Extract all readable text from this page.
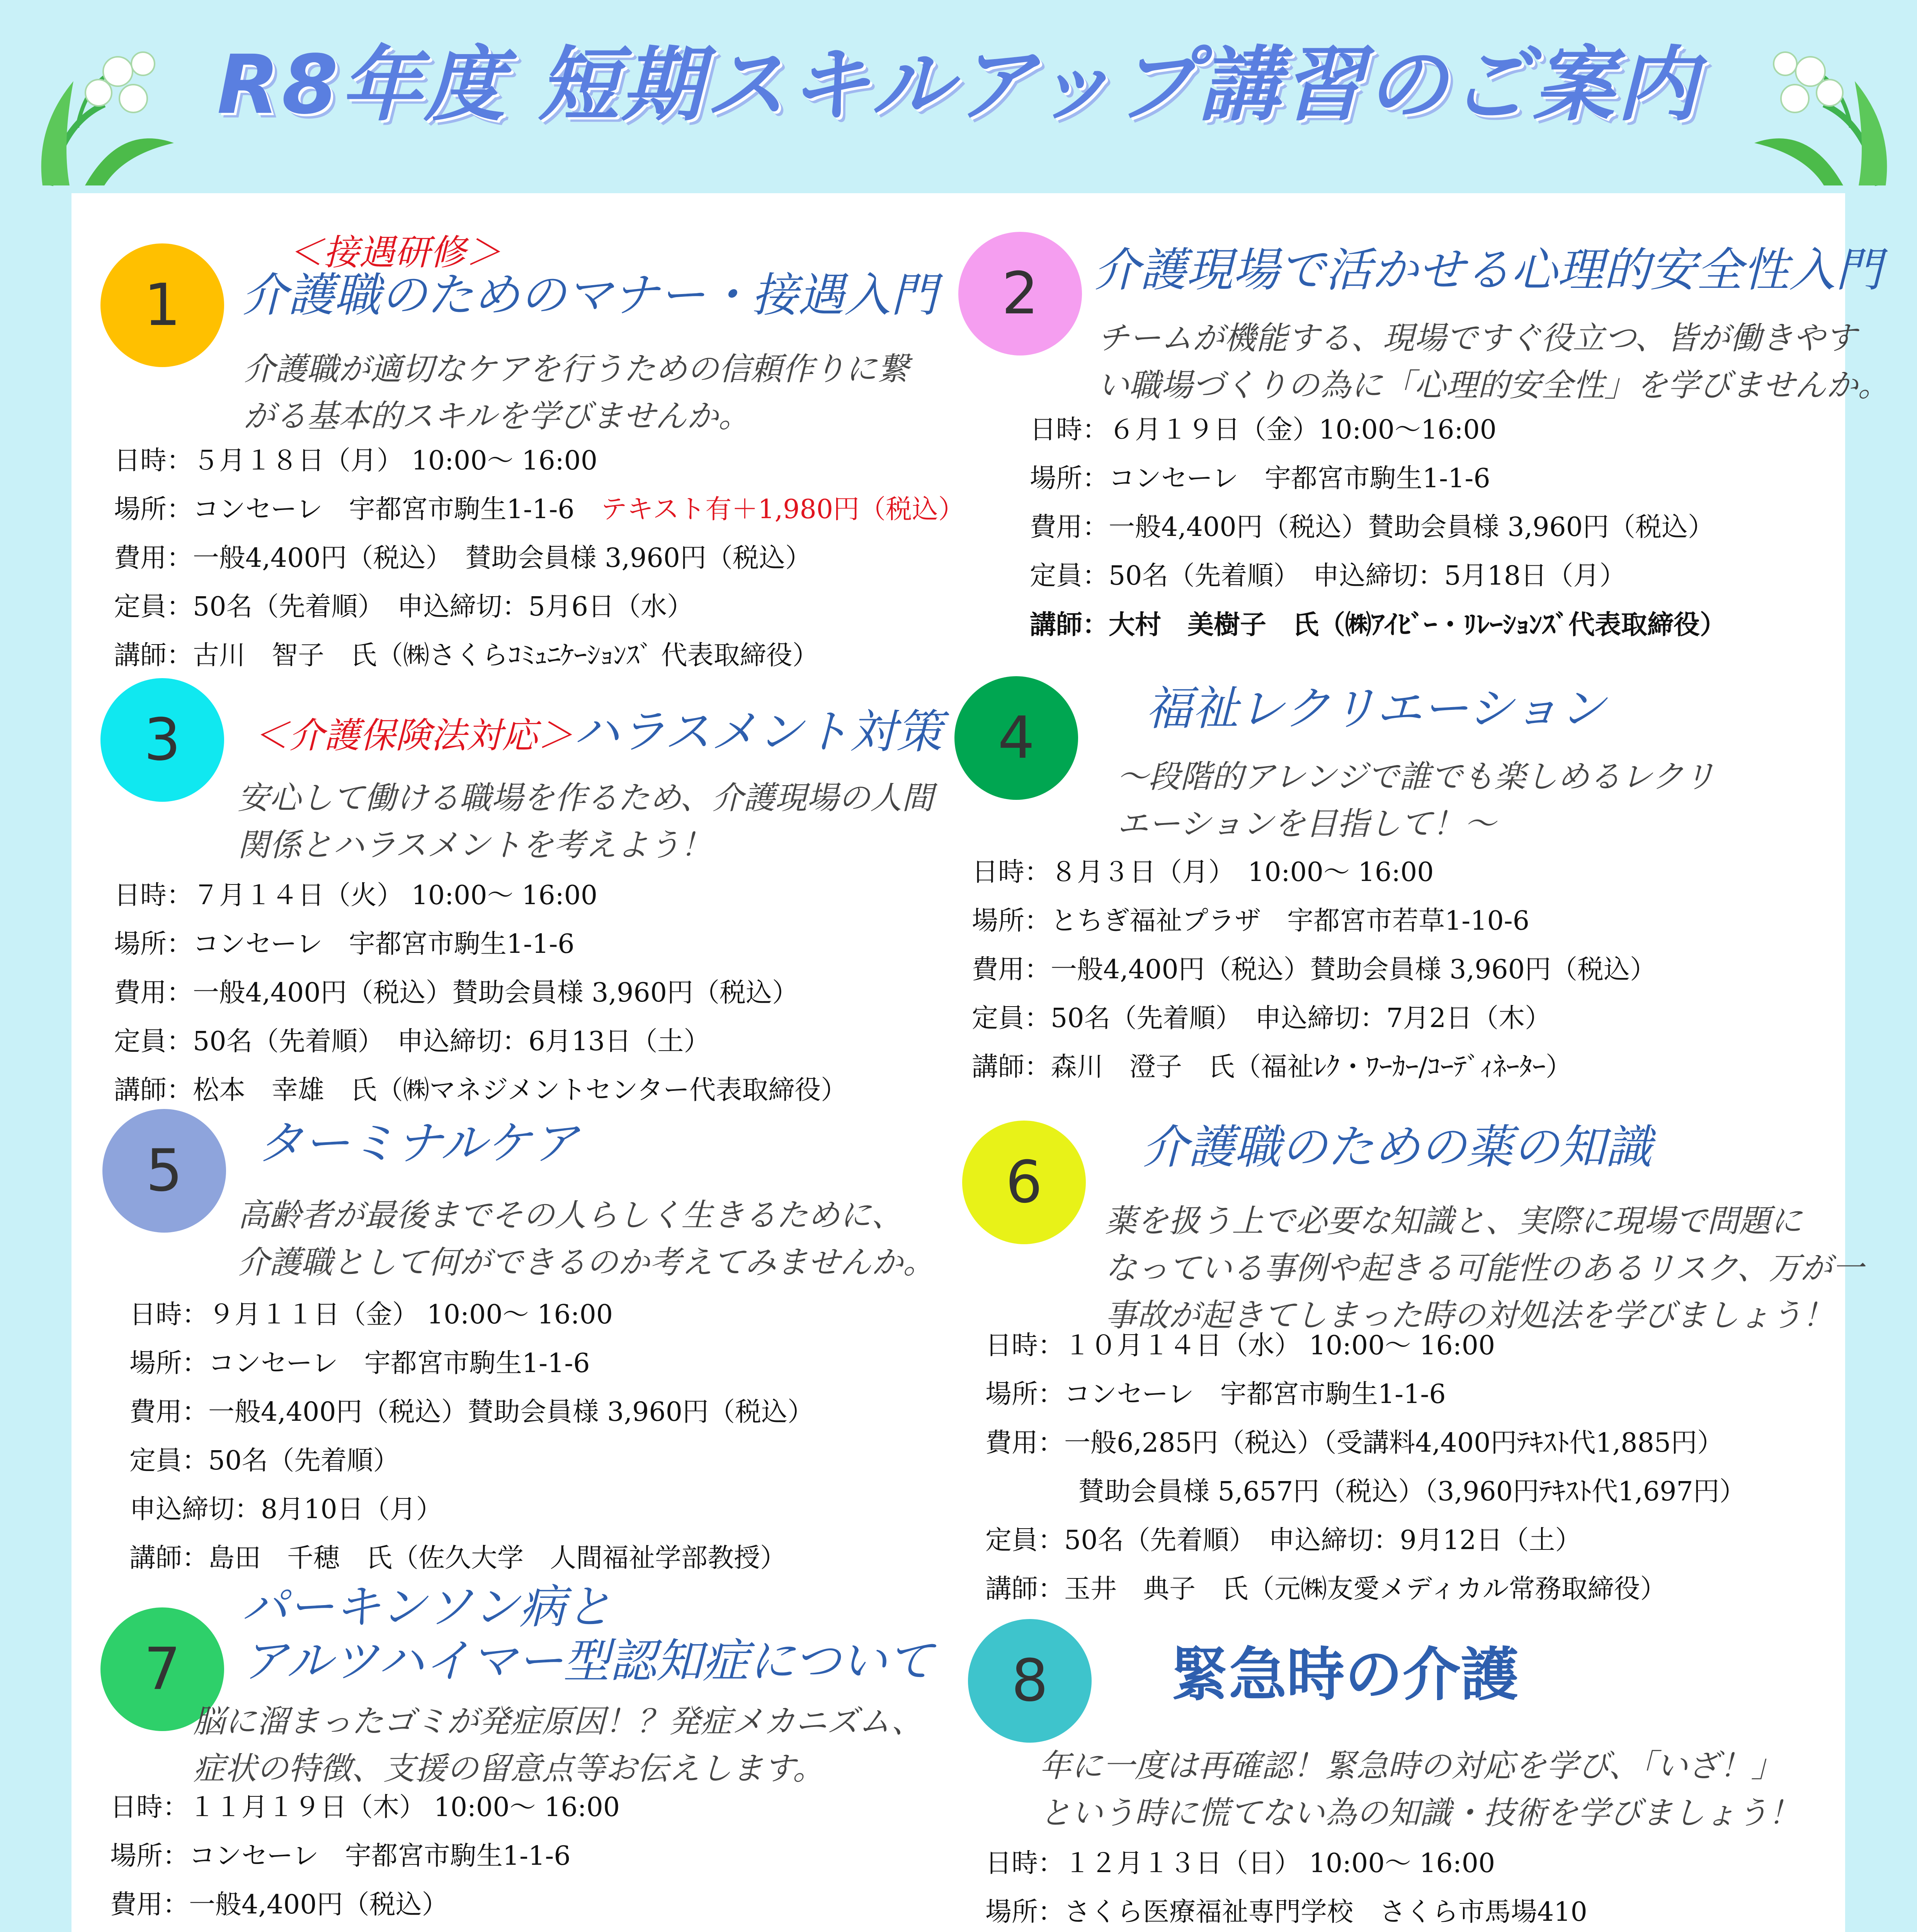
R8年度 短期スキルアップ講習のご案内
1
＜接遇研修＞
介護職のためのマナー・接遇入門
介護職が適切なケアを行うための信頼作りに繋
がる基本的スキルを学びませんか。
日時：５月１８日（月） 10:00～ 16:00
場所：コンセーレ　宇都宮市駒生1-1-6　 テキスト有＋1,980円（税込）
費用：一般4,400円（税込）　賛助会員様 3,960円（税込）
定員：50名（先着順）　申込締切：5月6日（水）
講師：古川　智子　氏（㈱さくらｺﾐｭﾆｹｰｼｮﾝｽﾞ 代表取締役）
2	介護現場で活かせる心理的安全性入門
チームが機能する、現場ですぐ役立つ、皆が働きやす
い職場づくりの為に「心理的安全性」を学びませんか。
日時：６月１９日（金）10:00～16:00
場所：コンセーレ　宇都宮市駒生1-1-6
費用：一般4,400円（税込）賛助会員様 3,960円（税込）
定員：50名（先着順）　申込締切：5月18日（月）
講師：大村　美樹子　氏（㈱ｱｲﾋﾞｰ・ﾘﾚｰｼｮﾝｽﾞ代表取締役）
3	＜介護保険法対応＞ハラスメント対策
安心して働ける職場を作るため、介護現場の人間
関係とハラスメントを考えよう！
日時：７月１４日（火） 10:00～ 16:00
場所：コンセーレ　宇都宮市駒生1-1-6
費用：一般4,400円（税込）賛助会員様 3,960円（税込）
定員：50名（先着順）　申込締切：6月13日（土）
講師：松本　幸雄　氏（㈱マネジメントセンター代表取締役）
4	福祉レクリエーション
～段階的アレンジで誰でも楽しめるレクリ
エーションを目指して！～
日時：８月３日（月）　10:00～ 16:00
場所：とちぎ福祉プラザ　宇都宮市若草1-10-6
費用：一般4,400円（税込）賛助会員様 3,960円（税込）
定員：50名（先着順）　申込締切：7月2日（木）
講師：森川　澄子　氏（福祉ﾚｸ・ﾜｰｶｰ/ｺｰﾃﾞｨﾈｰﾀｰ）
5	ターミナルケア
高齢者が最後までその人らしく生きるために、
介護職として何ができるのか考えてみませんか。
日時：９月１１日（金） 10:00～ 16:00
場所：コンセーレ　宇都宮市駒生1-1-6
費用：一般4,400円（税込）賛助会員様 3,960円（税込）
定員：50名（先着順）
申込締切：8月10日（月）
講師：島田　千穂　氏（佐久大学　人間福祉学部教授）
6
介護職のための薬の知識
薬を扱う上で必要な知識と、実際に現場で問題に
なっている事例や起きる可能性のあるリスク、万が一
事故が起きてしまった時の対処法を学びましょう！
日時：１０月１４日（水） 10:00～ 16:00
場所：コンセーレ　宇都宮市駒生1-1-6
費用：一般6,285円（税込）（受講料4,400円ﾃｷｽﾄ代1,885円）
賛助会員様 5,657円（税込）（3,960円ﾃｷｽﾄ代1,697円）
定員：50名（先着順）　申込締切：9月12日（土）
講師：玉井　典子　氏（元㈱友愛メディカル常務取締役）
7
パーキンソン病と
アルツハイマー型認知症について
脳に溜まったゴミが発症原因！？発症メカニズム、
症状の特徴、支援の留意点等お伝えします。
日時：１１月１９日（木） 10:00～ 16:00
場所：コンセーレ　宇都宮市駒生1-1-6
費用：一般4,400円（税込）
8	緊急時の介護
年に一度は再確認！緊急時の対応を学び、「いざ！」
という時に慌てない為の知識・技術を学びましょう！
日時：１２月１３日（日） 10:00～ 16:00
場所：さくら医療福祉専門学校　さくら市馬場410
